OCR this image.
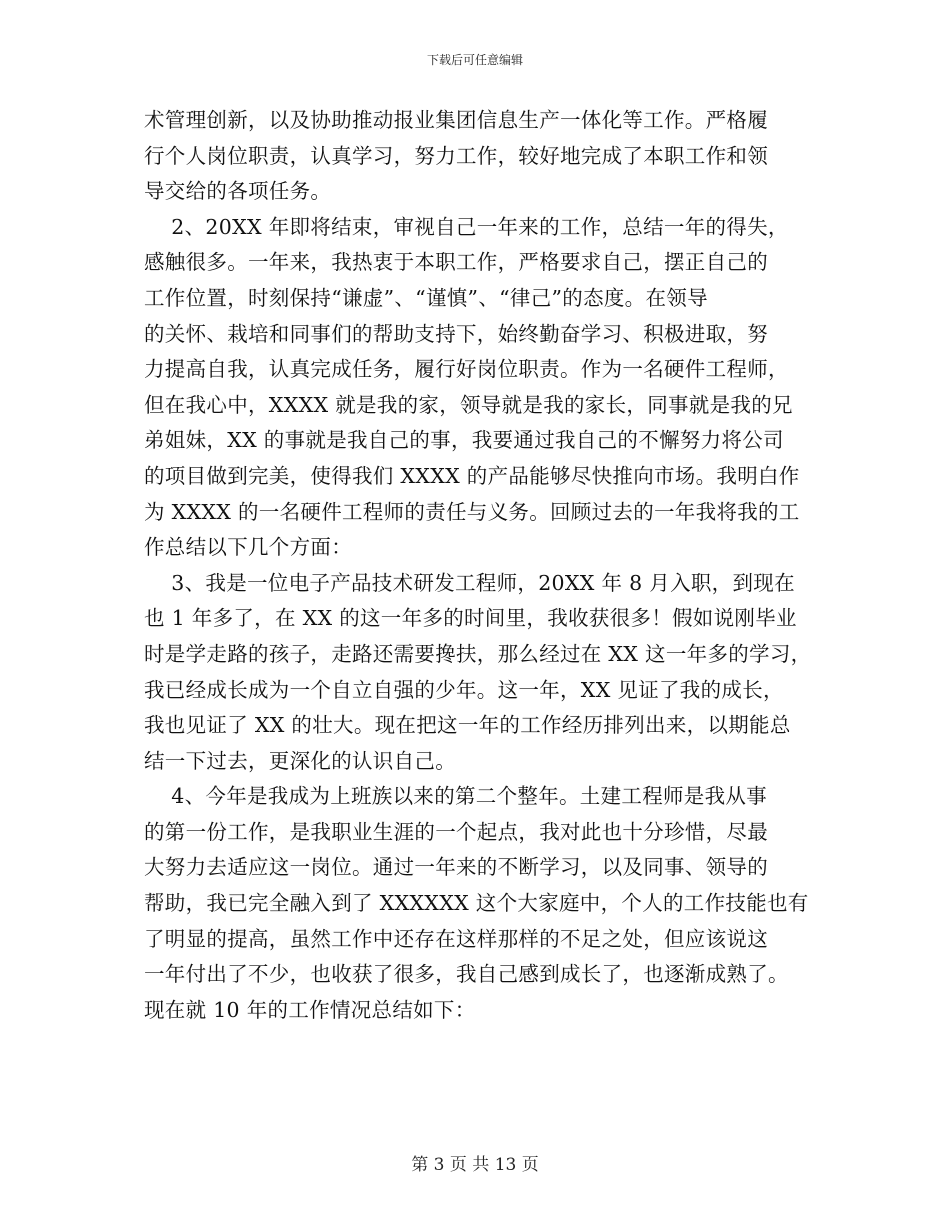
下载后可任意编辑
术管理创新，以及协助推动报业集团信息生产一体化等工作。严格履
行个人岗位职责，认真学习，努力工作，较好地完成了本职工作和领
导交给的各项任务。
2、20XX 年即将结束，审视自己一年来的工作，总结一年的得失，
感触很多。一年来，我热衷于本职工作，严格要求自己，摆正自己的
工作位置，时刻保持“谦虚”、“谨慎”、“律己”的态度。在领导
的关怀、栽培和同事们的帮助支持下，始终勤奋学习、积极进取，努
力提高自我，认真完成任务，履行好岗位职责。作为一名硬件工程师，
但在我心中，XXXX 就是我的家，领导就是我的家长，同事就是我的兄
弟姐妹，XX 的事就是我自己的事，我要通过我自己的不懈努力将公司
的项目做到完美，使得我们 XXXX 的产品能够尽快推向市场。我明白作
为 XXXX 的一名硬件工程师的责任与义务。回顾过去的一年我将我的工
作总结以下几个方面：
3、我是一位电子产品技术研发工程师，20XX 年 8 月入职，到现在
也 1 年多了，在 XX 的这一年多的时间里，我收获很多！假如说刚毕业
时是学走路的孩子，走路还需要搀扶，那么经过在 XX 这一年多的学习，
我已经成长成为一个自立自强的少年。这一年，XX 见证了我的成长，
我也见证了 XX 的壮大。现在把这一年的工作经历排列出来，以期能总
结一下过去，更深化的认识自己。
4、今年是我成为上班族以来的第二个整年。土建工程师是我从事
的第一份工作，是我职业生涯的一个起点，我对此也十分珍惜，尽最
大努力去适应这一岗位。通过一年来的不断学习，以及同事、领导的
帮助，我已完全融入到了 XXXXXX 这个大家庭中，个人的工作技能也有
了明显的提高，虽然工作中还存在这样那样的不足之处，但应该说这
一年付出了不少，也收获了很多，我自己感到成长了，也逐渐成熟了。
现在就 10 年的工作情况总结如下：
第 3 页 共 13 页
